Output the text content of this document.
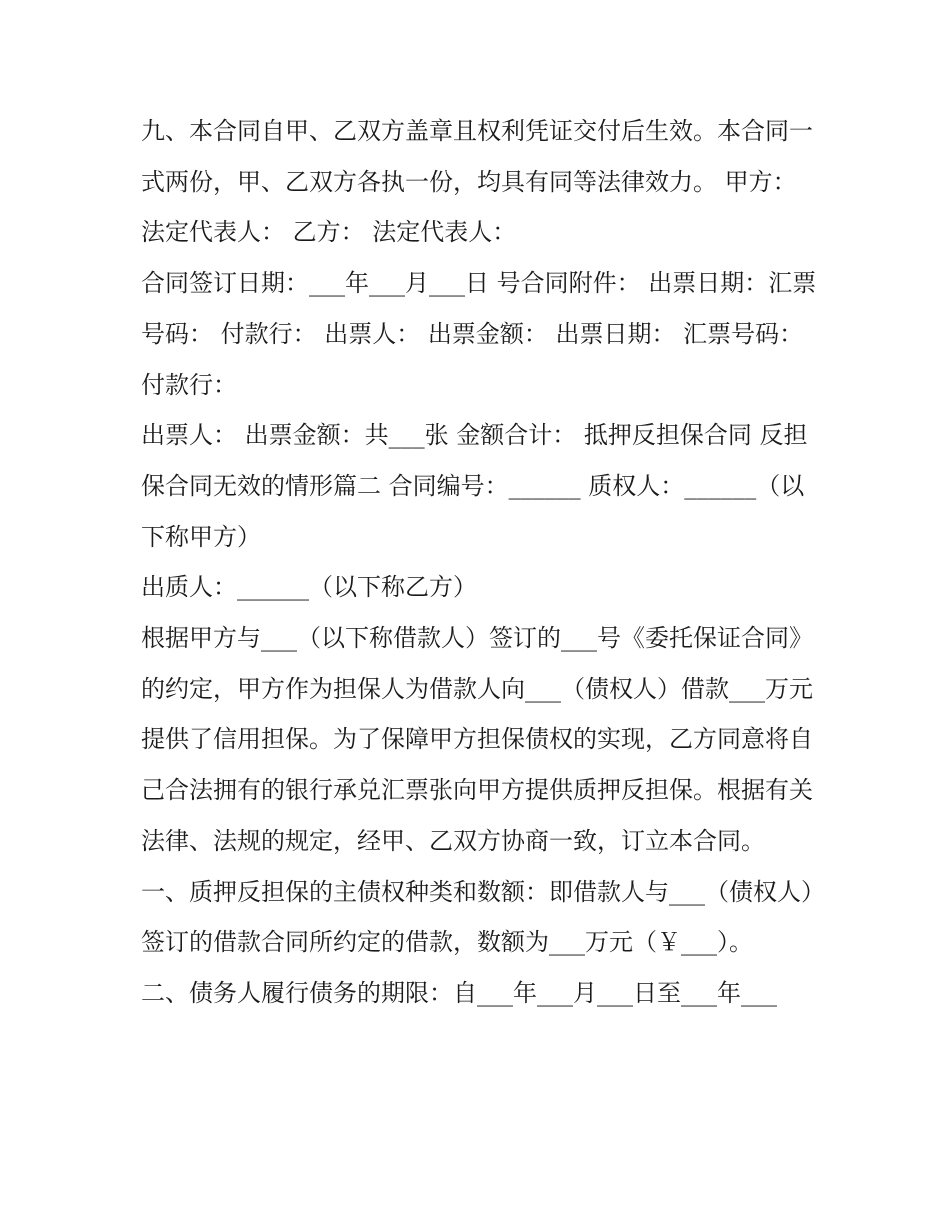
九、本合同自甲、乙双方盖章且权利凭证交付后生效。本合同一式两份，甲、乙双方各执一份，均具有同等法律效力。 甲方： 法定代表人： 乙方： 法定代表人：

合同签订日期：___年___月___日 号合同附件： 出票日期：汇票号码： 付款行： 出票人： 出票金额： 出票日期： 汇票号码： 付款行：

出票人： 出票金额：共___张 金额合计： 抵押反担保合同 反担保合同无效的情形篇二 合同编号：______ 质权人：______（以下称甲方）

出质人：______（以下称乙方）

根据甲方与___（以下称借款人）签订的___号《委托保证合同》的约定，甲方作为担保人为借款人向___（债权人）借款___万元提供了信用担保。为了保障甲方担保债权的实现，乙方同意将自己合法拥有的银行承兑汇票张向甲方提供质押反担保。根据有关法律、法规的规定，经甲、乙双方协商一致，订立本合同。

一、质押反担保的主债权种类和数额：即借款人与___（债权人）签订的借款合同所约定的借款，数额为___万元（￥___）。

二、债务人履行债务的期限：自___年___月___日至___年___
